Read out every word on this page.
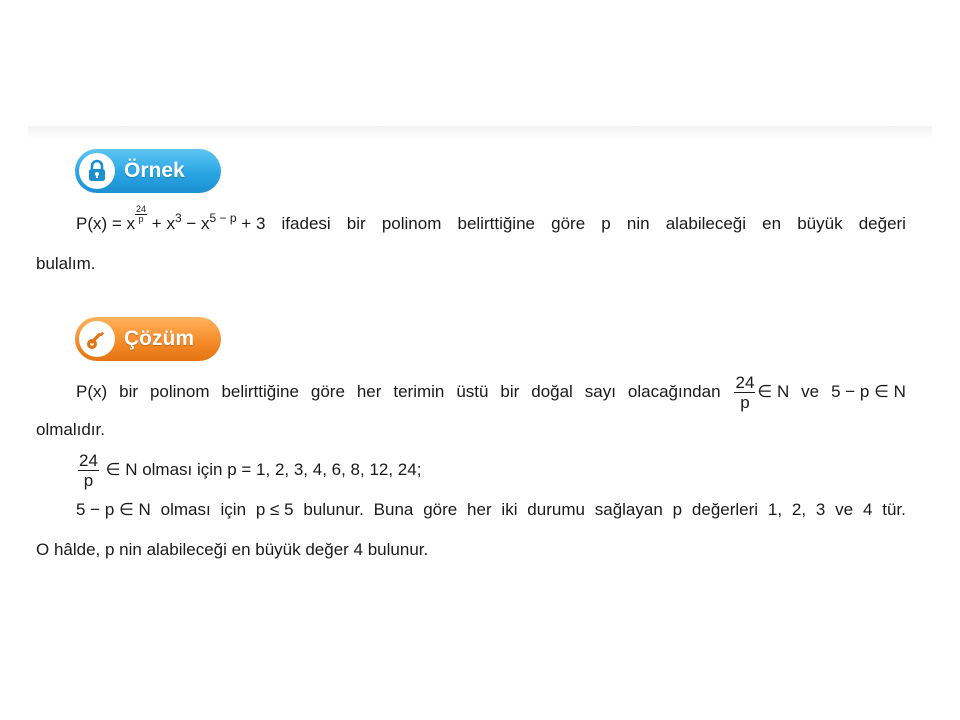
Örnek
P(x) = x $\frac{24}{p} + x^3 - x^{5 - p} + 3$ ifadesi bir polinom belirttiğine göre p nin alabileceği en büyük değeri
bulalım.
Çözüm
P(x) bir polinom belirttiğine göre her terimin üstü bir doğal sayı olacağından $\frac{24}{p}$ ∈ N ve 5 − p ∈ N
olmalıdır.
$\frac{24}{p}$ ∈ N olması için p = 1, 2, 3, 4, 6, 8, 12, 24;
5 − p ∈ N olması için p ≤ 5 bulunur. Buna göre her iki durumu sağlayan p değerleri 1, 2, 3 ve 4 tür.
O hâlde, p nin alabileceği en büyük değer 4 bulunur.
